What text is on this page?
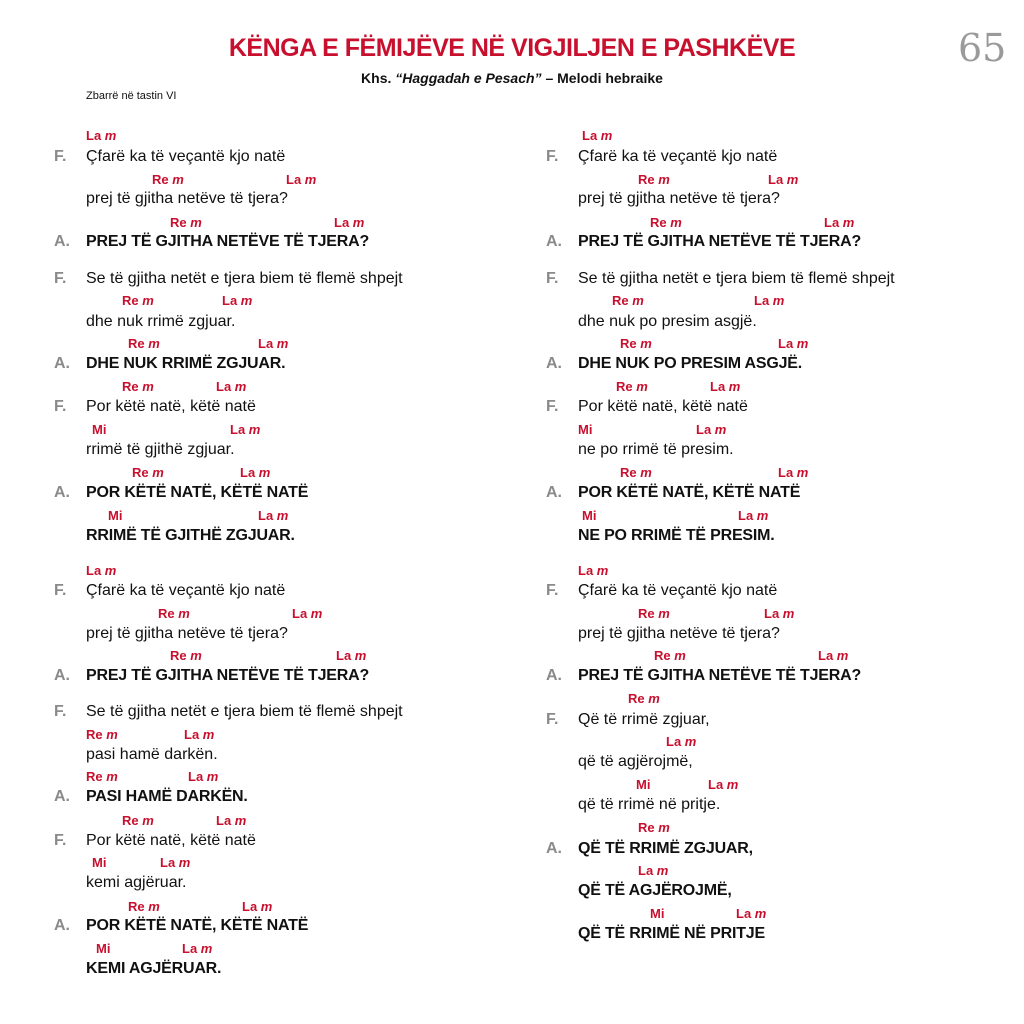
KËNGA E FËMIJËVE NË VIGJILJEN E PASHKËVE
Khs. “Haggadah e Pesach” – Melodi hebraike
65
Zbarrë në tastin VI
La m
F. Çfarë ka të veçantë kjo natë
Re m	La m
prej të gjitha netëve të tjera?
Re m	La m
A. PREJ TË GJITHA NETËVE TË TJERA?
F. Se të gjitha netët e tjera biem të flemë shpejt
Re m	La m
dhe nuk rrimë zgjuar.
Re m	La m
A. DHE NUK RRIMË ZGJUAR.
Re m	La m
F. Por këtë natë, këtë natë
Mi	La m
rrimë të gjithë zgjuar.
Re m	La m
A. POR KËTË NATË, KËTË NATË
Mi	La m
RRIMË TË GJITHË ZGJUAR.
La m
F. Çfarë ka të veçantë kjo natë
Re m	La m
prej të gjitha netëve të tjera?
Re m	La m
A. PREJ TË GJITHA NETËVE TË TJERA?
F. Se të gjitha netët e tjera biem të flemë shpejt
Re m	La m
pasi hamë darkën.
Re m	La m
A. PASI HAMË DARKËN.
Re m	La m
F. Por këtë natë, këtë natë
Mi	La m
kemi agjëruar.
Re m	La m
A. POR KËTË NATË, KËTË NATË
Mi	La m
KEMI AGJËRUAR.
La m
F. Çfarë ka të veçantë kjo natë
Re m	La m
prej të gjitha netëve të tjera?
Re m	La m
A. PREJ TË GJITHA NETËVE TË TJERA?
F. Se të gjitha netët e tjera biem të flemë shpejt
Re m	La m
dhe nuk po presim asgjë.
Re m	La m
A. DHE NUK PO PRESIM ASGJË.
Re m	La m
F. Por këtë natë, këtë natë
Mi	La m
ne po rrimë të presim.
Re m	La m
A. POR KËTË NATË, KËTË NATË
Mi	La m
NE PO RRIMË TË PRESIM.
La m
F. Çfarë ka të veçantë kjo natë
Re m	La m
prej të gjitha netëve të tjera?
Re m	La m
A. PREJ TË GJITHA NETËVE TË TJERA?
Re m
F. Që të rrimë zgjuar,
La m
që të agjërojmë,
Mi	La m
që të rrimë në pritje.
Re m
A. QË TË RRIMË ZGJUAR,
La m
QË TË AGJËROJMË,
Mi	La m
QË TË RRIMË NË PRITJE
